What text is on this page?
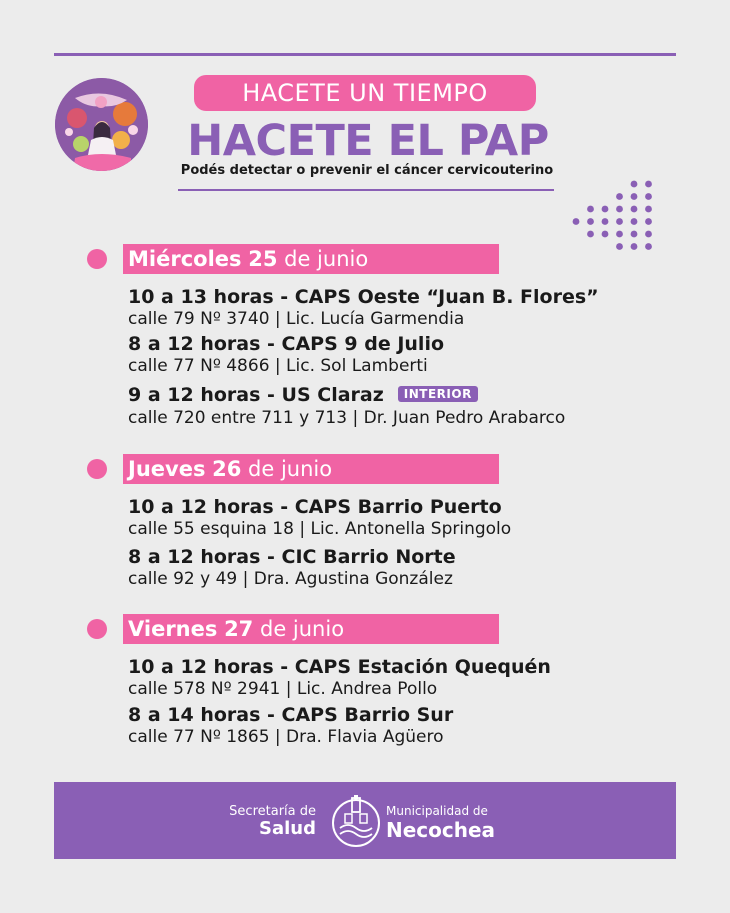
HACETE UN TIEMPO
HACETE EL PAP
Podés detectar o prevenir el cáncer cervicouterino
Miércoles 25 de junio
10 a 13 horas - CAPS Oeste “Juan B. Flores”
calle 79 Nº 3740 | Lic. Lucía Garmendia
8 a 12 horas - CAPS 9 de Julio
calle 77 Nº 4866 | Lic. Sol Lamberti
9 a 12 horas - US Claraz INTERIOR
calle 720 entre 711 y 713 | Dr. Juan Pedro Arabarco
Jueves 26 de junio
10 a 12 horas - CAPS Barrio Puerto
calle 55 esquina 18 | Lic. Antonella Springolo
8 a 12 horas - CIC Barrio Norte
calle 92 y 49 | Dra. Agustina González
Viernes 27 de junio
10 a 12 horas - CAPS Estación Quequén
calle 578 Nº 2941 | Lic. Andrea Pollo
8 a 14 horas - CAPS Barrio Sur
calle 77 Nº 1865 | Dra. Flavia Agüero
Secretaría de
Salud
Municipalidad de
Necochea
